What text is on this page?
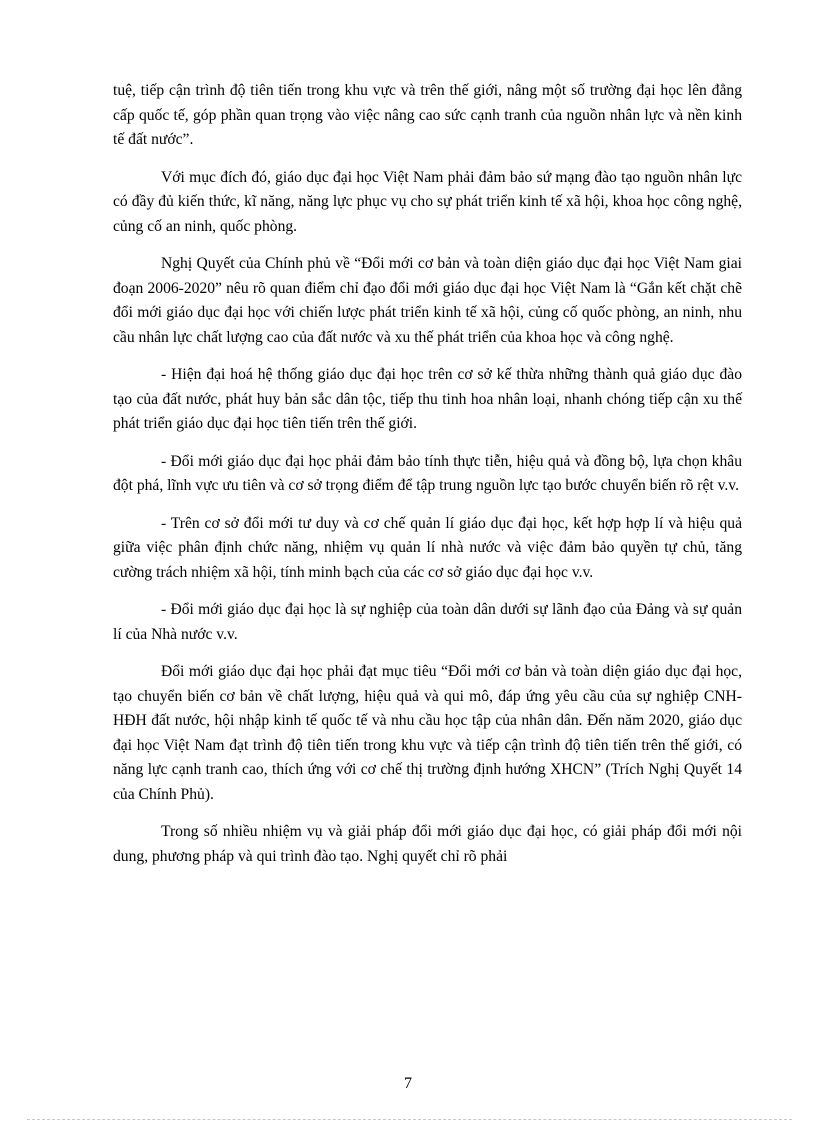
tuệ, tiếp cận trình độ tiên tiến trong khu vực và trên thế giới, nâng một số trường đại học lên đẳng cấp quốc tế, góp phần quan trọng vào việc nâng cao sức cạnh tranh của nguồn nhân lực và nền kinh tế đất nước”.

Với mục đích đó, giáo dục đại học Việt Nam phải đảm bảo sứ mạng đào tạo nguồn nhân lực có đầy đủ kiến thức, kĩ năng, năng lực phục vụ cho sự phát triển kinh tế xã hội, khoa học công nghệ, củng cố an ninh, quốc phòng.

Nghị Quyết của Chính phủ về “Đổi mới cơ bản và toàn diện giáo dục đại học Việt Nam giai đoạn 2006-2020” nêu rõ quan điểm chỉ đạo đổi mới giáo dục đại học Việt Nam là “Gắn kết chặt chẽ đổi mới giáo dục đại học với chiến lược phát triển kinh tế xã hội, củng cố quốc phòng, an ninh, nhu cầu nhân lực chất lượng cao của đất nước và xu thế phát triển của khoa học và công nghệ.

- Hiện đại hoá hệ thống giáo dục đại học trên cơ sở kế thừa những thành quả giáo dục đào tạo của đất nước, phát huy bản sắc dân tộc, tiếp thu tinh hoa nhân loại, nhanh chóng tiếp cận xu thế phát triển giáo dục đại học tiên tiến trên thế giới.

- Đổi mới giáo dục đại học phải đảm bảo tính thực tiễn, hiệu quả và đồng bộ, lựa chọn khâu đột phá, lĩnh vực ưu tiên và cơ sở trọng điểm để tập trung nguồn lực tạo bước chuyển biến rõ rệt v.v.

- Trên cơ sở đổi mới tư duy và cơ chế quản lí giáo dục đại học, kết hợp hợp lí và hiệu quả giữa việc phân định chức năng, nhiệm vụ quản lí nhà nước và việc đảm bảo quyền tự chủ, tăng cường trách nhiệm xã hội, tính minh bạch của các cơ sở giáo dục đại học v.v.

- Đổi mới giáo dục đại học là sự nghiệp của toàn dân dưới sự lãnh đạo của Đảng và sự quản lí của Nhà nước v.v.

Đổi mới giáo dục đại học phải đạt mục tiêu “Đổi mới cơ bản và toàn diện giáo dục đại học, tạo chuyển biến cơ bản về chất lượng, hiệu quả và qui mô, đáp ứng yêu cầu của sự nghiệp CNH-HĐH đất nước, hội nhập kinh tế quốc tế và nhu cầu học tập của nhân dân. Đến năm 2020, giáo dục đại học Việt Nam đạt trình độ tiên tiến trong khu vực và tiếp cận trình độ tiên tiến trên thế giới, có năng lực cạnh tranh cao, thích ứng với cơ chế thị trường định hướng XHCN” (Trích Nghị Quyết 14 của Chính Phủ).

Trong số nhiều nhiệm vụ và giải pháp đổi mới giáo dục đại học, có giải pháp đổi mới nội dung, phương pháp và qui trình đào tạo. Nghị quyết chỉ rõ phải

7
